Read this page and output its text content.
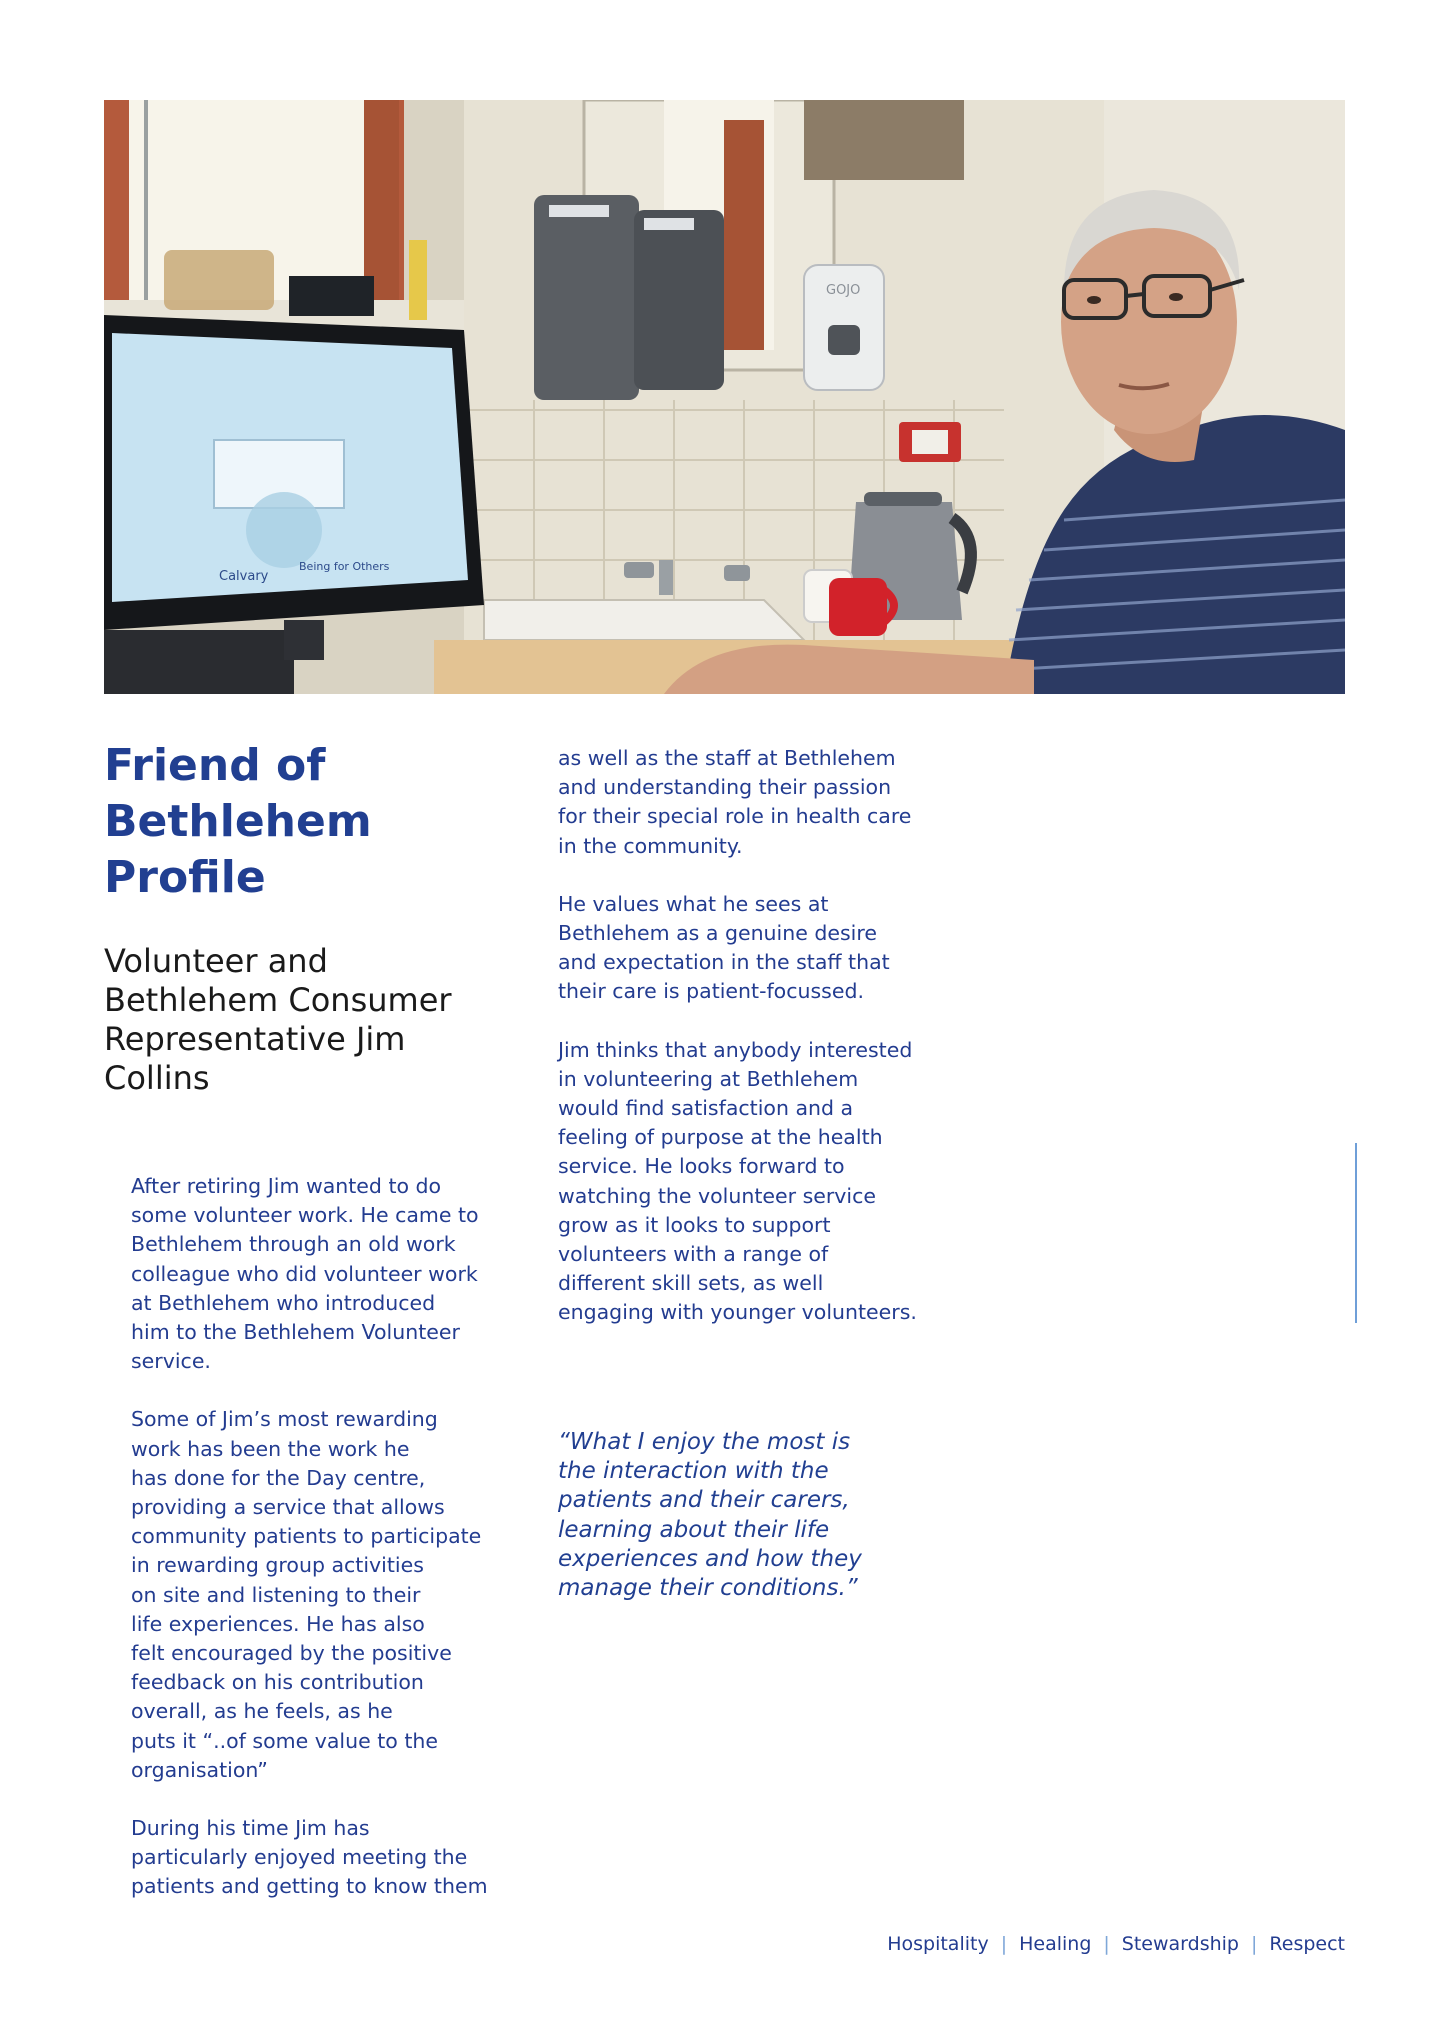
GOJO
Calvary
Being for Others
Friend of Bethlehem Profile
Volunteer and Bethlehem Consumer Representative Jim Collins

After retiring Jim wanted to do
some volunteer work. He came to
Bethlehem through an old work
colleague who did volunteer work
at Bethlehem who introduced
him to the Bethlehem Volunteer
service.

Some of Jim’s most rewarding
work has been the work he
has done for the Day centre,
providing a service that allows
community patients to participate
in rewarding group activities
on site and listening to their
life experiences. He has also
felt encouraged by the positive
feedback on his contribution
overall, as he feels, as he
puts it “..of some value to the
organisation”

During his time Jim has
particularly enjoyed meeting the
patients and getting to know them

as well as the staff at Bethlehem
and understanding their passion
for their special role in health care
in the community.

He values what he sees at
Bethlehem as a genuine desire
and expectation in the staff that
their care is patient-focussed.

Jim thinks that anybody interested
in volunteering at Bethlehem
would find satisfaction and a
feeling of purpose at the health
service. He looks forward to
watching the volunteer service
grow as it looks to support
volunteers with a range of
different skill sets, as well
engaging with younger volunteers.

“What I enjoy the most is
the interaction with the
patients and their carers,
learning about their life
experiences and how they
manage their conditions.”
Hospitality | Healing | Stewardship | Respect
